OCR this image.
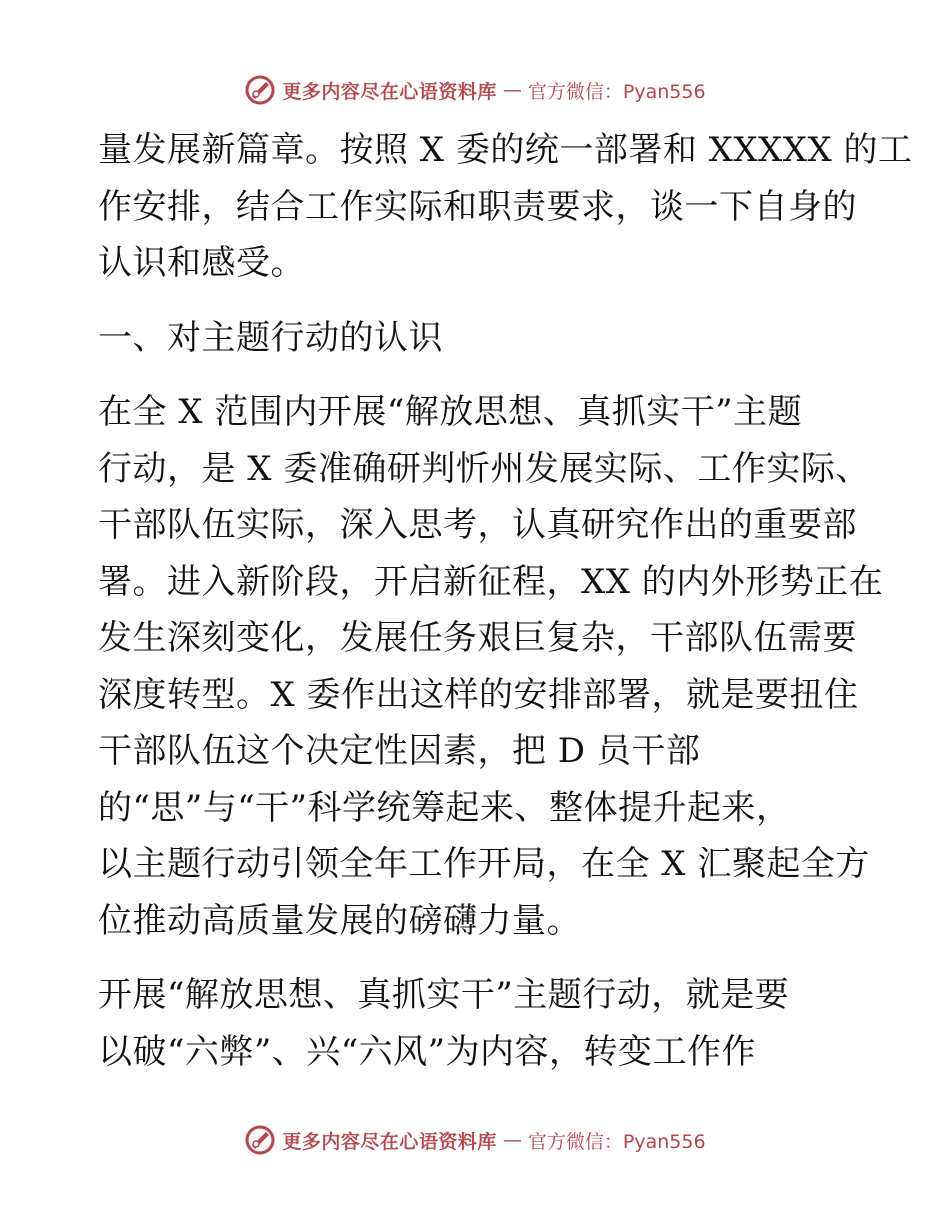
更多内容尽在心语资料库 — 官方微信：Pyan556
量发展新篇章。按照 X 委的统一部署和 XXXXX 的工
作安排，结合工作实际和职责要求，谈一下自身的
认识和感受。
一、对主题行动的认识
在全 X 范围内开展“解放思想、真抓实干”主题
行动，是 X 委准确研判忻州发展实际、工作实际、
干部队伍实际，深入思考，认真研究作出的重要部
署。进入新阶段，开启新征程，XX 的内外形势正在
发生深刻变化，发展任务艰巨复杂，干部队伍需要
深度转型。X 委作出这样的安排部署，就是要扭住
干部队伍这个决定性因素，把 D 员干部
的“思”与“干”科学统筹起来、整体提升起来，
以主题行动引领全年工作开局，在全 X 汇聚起全方
位推动高质量发展的磅礴力量。
开展“解放思想、真抓实干”主题行动，就是要
以破“六弊”、兴“六风”为内容，转变工作作
更多内容尽在心语资料库 — 官方微信：Pyan556
